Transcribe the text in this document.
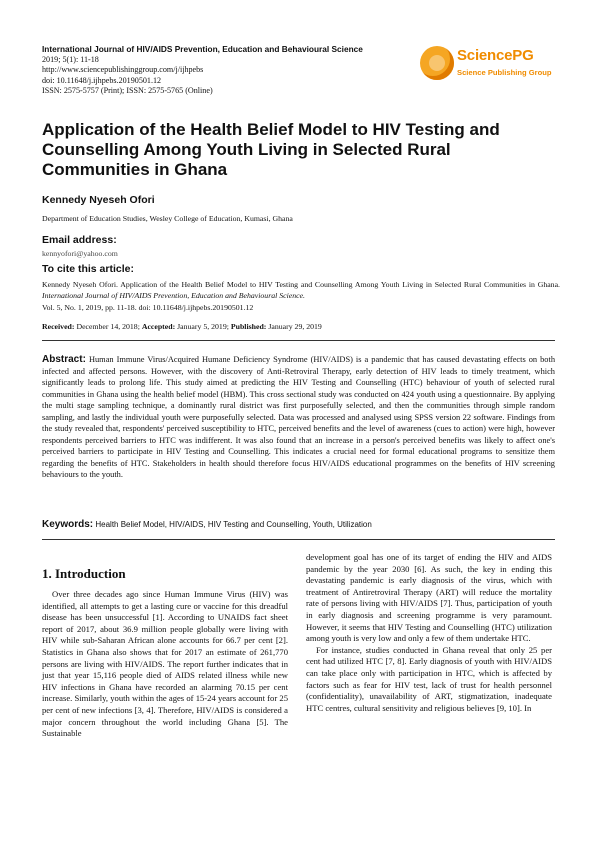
International Journal of HIV/AIDS Prevention, Education and Behavioural Science
2019; 5(1): 11-18
http://www.sciencepublishinggroup.com/j/ijhpebs
doi: 10.11648/j.ijhpebs.20190501.12
ISSN: 2575-5757 (Print); ISSN: 2575-5765 (Online)
SciencePG
Science Publishing Group
Application of the Health Belief Model to HIV Testing and Counselling Among Youth Living in Selected Rural Communities in Ghana
Kennedy Nyeseh Ofori
Department of Education Studies, Wesley College of Education, Kumasi, Ghana
Email address:
kennyofori@yahoo.com
To cite this article:
Kennedy Nyeseh Ofori. Application of the Health Belief Model to HIV Testing and Counselling Among Youth Living in Selected Rural Communities in Ghana. International Journal of HIV/AIDS Prevention, Education and Behavioural Science.
Vol. 5, No. 1, 2019, pp. 11-18. doi: 10.11648/j.ijhpebs.20190501.12
Received: December 14, 2018; Accepted: January 5, 2019; Published: January 29, 2019
Abstract: Human Immune Virus/Acquired Humane Deficiency Syndrome (HIV/AIDS) is a pandemic that has caused devastating effects on both infected and affected persons. However, with the discovery of Anti-Retroviral Therapy, early detection of HIV leads to timely treatment, which significantly leads to prolong life. This study aimed at predicting the HIV Testing and Counselling (HTC) behaviour of youth of selected rural communities in Ghana using the health belief model (HBM). This cross sectional study was conducted on 424 youth using a questionnaire. By applying the multi stage sampling technique, a dominantly rural district was first purposefully selected, and then the communities through simple random sampling, and lastly the individual youth were purposefully selected. Data was processed and analysed using SPSS version 22 software. Findings from the study revealed that, respondents' perceived susceptibility to HTC, perceived benefits and the level of awareness (cues to action) were high, however respondents perceived barriers to HTC was indifferent. It was also found that an increase in a person's perceived benefits was likely to affect one's perceived barriers to participate in HIV Testing and Counselling. This indicates a crucial need for formal educational programs to sensitize them regarding the benefits of HTC. Stakeholders in health should therefore focus HIV/AIDS educational programmes on the benefits of HIV screening behaviours to the youth.
Keywords: Health Belief Model, HIV/AIDS, HIV Testing and Counselling, Youth, Utilization
1. Introduction

Over three decades ago since Human Immune Virus (HIV) was identified, all attempts to get a lasting cure or vaccine for this dreadful disease has been unsuccessful [1]. According to UNAIDS fact sheet report of 2017, about 36.9 million people globally were living with HIV while sub-Saharan African alone accounts for 66.7 per cent [2]. Statistics in Ghana also shows that for 2017 an estimate of 261,770 persons are living with HIV/AIDS. The report further indicates that in just that year 15,116 people died of AIDS related illness while new HIV infections in Ghana have recorded an alarming 70.15 per cent increase. Similarly, youth within the ages of 15-24 years account for 25 per cent of new infections [3, 4]. Therefore, HIV/AIDS is considered a major concern throughout the world including Ghana [5]. The Sustainable

development goal has one of its target of ending the HIV and AIDS pandemic by the year 2030 [6]. As such, the key in ending this devastating pandemic is early diagnosis of the virus, which with treatment of Antiretroviral Therapy (ART) will reduce the mortality rate of persons living with HIV/AIDS [7]. Thus, participation of youth in early diagnosis and screening programme is very paramount. However, it seems that HIV Testing and Counselling (HTC) utilization among youth is very low and only a few of them undertake HTC.

For instance, studies conducted in Ghana reveal that only 25 per cent had utilized HTC [7, 8]. Early diagnosis of youth with HIV/AIDS can take place only with participation in HTC, which is affected by factors such as fear for HIV test, lack of trust for health personnel (confidentiality), unavailability of ART, stigmatization, inadequate HTC centres, cultural sensitivity and religious believes [9, 10]. In
